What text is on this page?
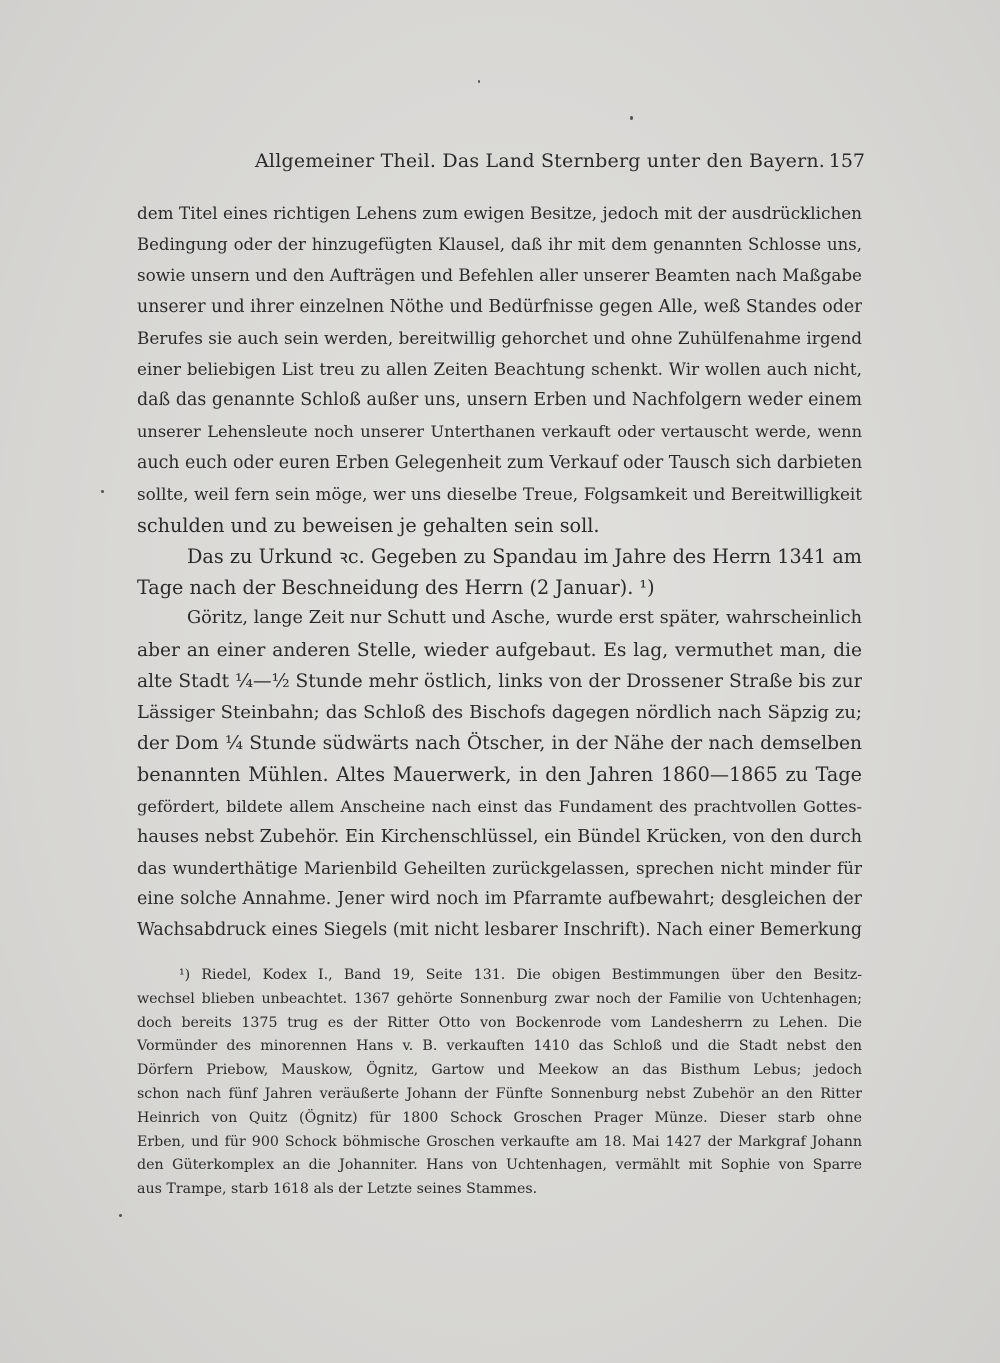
Allgemeiner Theil. Das Land Sternberg unter den Bayern. 157
dem Titel eines richtigen Lehens zum ewigen Besitze, jedoch mit der ausdrücklichen
Bedingung oder der hinzugefügten Klausel, daß ihr mit dem genannten Schlosse uns,
sowie unsern und den Aufträgen und Befehlen aller unserer Beamten nach Maßgabe
unserer und ihrer einzelnen Nöthe und Bedürfnisse gegen Alle, weß Standes oder
Berufes sie auch sein werden, bereitwillig gehorchet und ohne Zuhülfenahme irgend
einer beliebigen List treu zu allen Zeiten Beachtung schenkt. Wir wollen auch nicht,
daß das genannte Schloß außer uns, unsern Erben und Nachfolgern weder einem
unserer Lehensleute noch unserer Unterthanen verkauft oder vertauscht werde, wenn
auch euch oder euren Erben Gelegenheit zum Verkauf oder Tausch sich darbieten
sollte, weil fern sein möge, wer uns dieselbe Treue, Folgsamkeit und Bereitwilligkeit
schulden und zu beweisen je gehalten sein soll.
Das zu Urkund ꝛc. Gegeben zu Spandau im Jahre des Herrn 1341 am
Tage nach der Beschneidung des Herrn (2 Januar). ¹)
Göritz, lange Zeit nur Schutt und Asche, wurde erst später, wahrscheinlich
aber an einer anderen Stelle, wieder aufgebaut. Es lag, vermuthet man, die
alte Stadt ¼—½ Stunde mehr östlich, links von der Drossener Straße bis zur
Lässiger Steinbahn; das Schloß des Bischofs dagegen nördlich nach Säpzig zu;
der Dom ¼ Stunde südwärts nach Ötscher, in der Nähe der nach demselben
benannten Mühlen. Altes Mauerwerk, in den Jahren 1860—1865 zu Tage
gefördert, bildete allem Anscheine nach einst das Fundament des prachtvollen Gottes-
hauses nebst Zubehör. Ein Kirchenschlüssel, ein Bündel Krücken, von den durch
das wunderthätige Marienbild Geheilten zurückgelassen, sprechen nicht minder für
eine solche Annahme. Jener wird noch im Pfarramte aufbewahrt; desgleichen der
Wachsabdruck eines Siegels (mit nicht lesbarer Inschrift). Nach einer Bemerkung
¹) Riedel, Kodex I., Band 19, Seite 131. Die obigen Bestimmungen über den Besitz-
wechsel blieben unbeachtet. 1367 gehörte Sonnenburg zwar noch der Familie von Uchtenhagen;
doch bereits 1375 trug es der Ritter Otto von Bockenrode vom Landesherrn zu Lehen. Die
Vormünder des minorennen Hans v. B. verkauften 1410 das Schloß und die Stadt nebst den
Dörfern Priebow, Mauskow, Ögnitz, Gartow und Meekow an das Bisthum Lebus; jedoch
schon nach fünf Jahren veräußerte Johann der Fünfte Sonnenburg nebst Zubehör an den Ritter
Heinrich von Quitz (Ögnitz) für 1800 Schock Groschen Prager Münze. Dieser starb ohne
Erben, und für 900 Schock böhmische Groschen verkaufte am 18. Mai 1427 der Markgraf Johann
den Güterkomplex an die Johanniter. Hans von Uchtenhagen, vermählt mit Sophie von Sparre
aus Trampe, starb 1618 als der Letzte seines Stammes.
